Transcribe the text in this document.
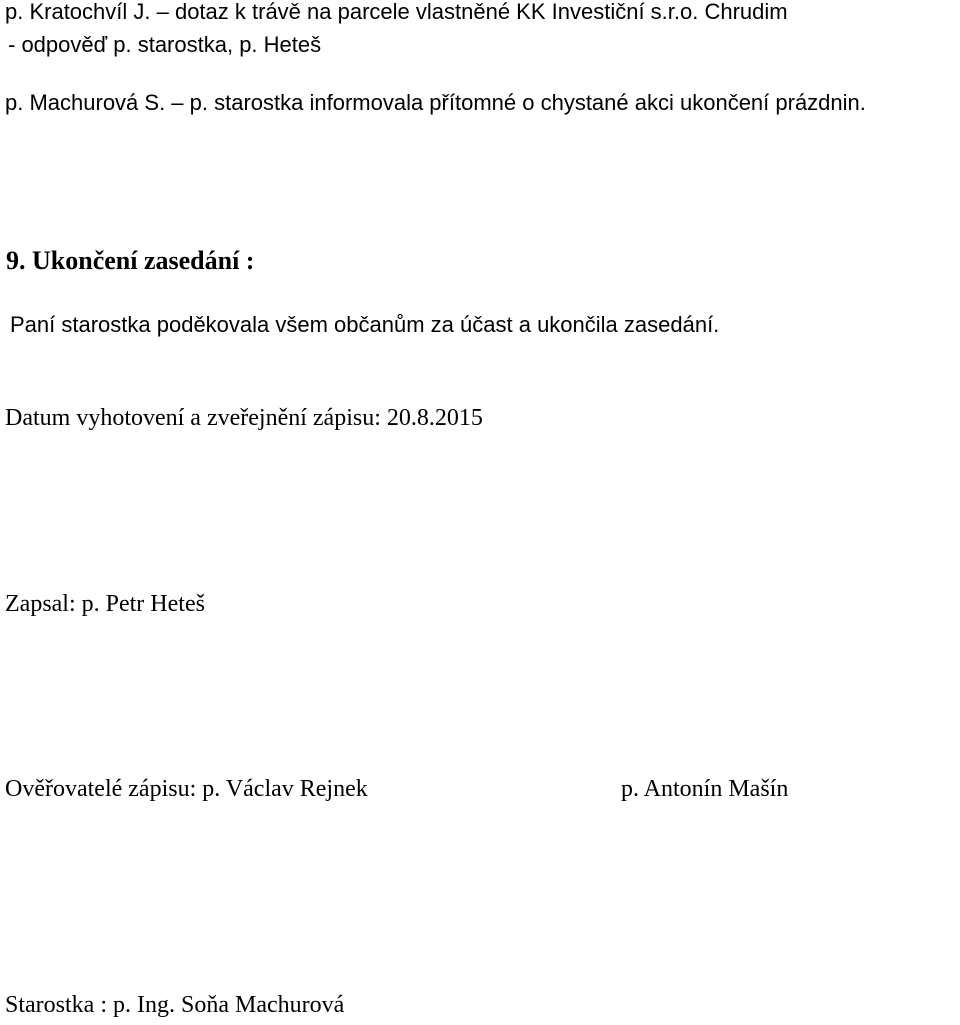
p. Kratochvíl J. – dotaz k trávě na parcele vlastněné KK Investiční s.r.o. Chrudim
- odpověď p. starostka, p. Heteš
p. Machurová S. – p. starostka informovala přítomné o chystané akci ukončení prázdnin.
9. Ukončení zasedání :
Paní starostka poděkovala všem občanům za účast a ukončila zasedání.
Datum vyhotovení a zveřejnění zápisu: 20.8.2015
Zapsal: p. Petr Heteš
Ověřovatelé zápisu: p. Václav Rejnek	p. Antonín Mašín
Starostka : p. Ing. Soňa Machurová
